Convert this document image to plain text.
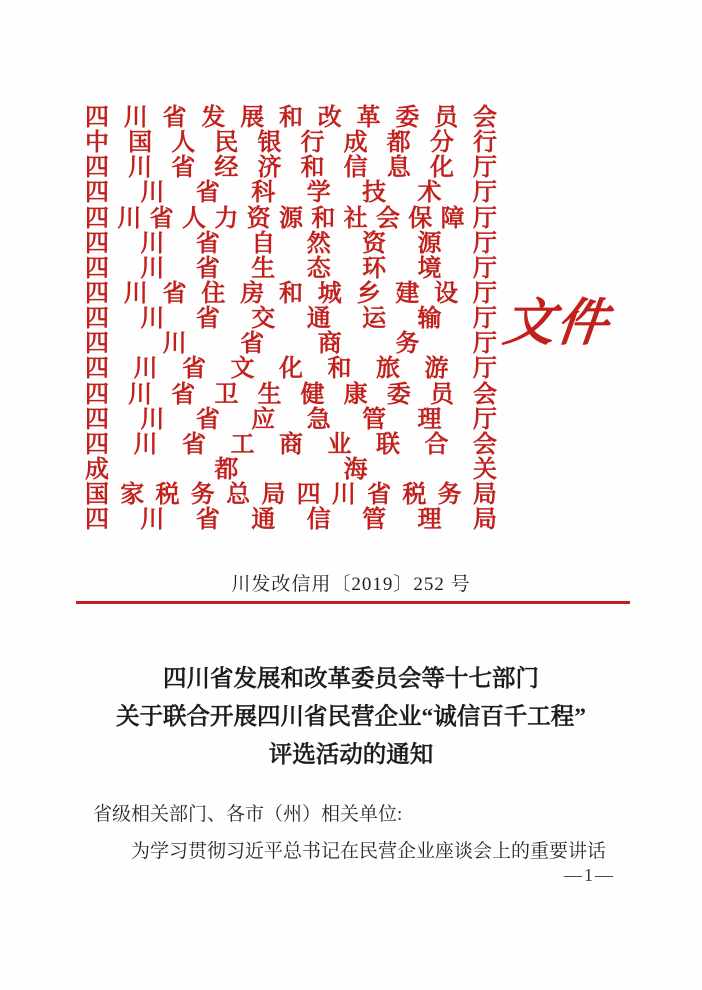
四 川 省 发 展 和 改 革 委 员 会
中 国 人 民 银 行 成 都 分 行
四 川 省 经 济 和 信 息 化 厅
四 川 省 科 学 技 术 厅
四 川 省 人 力 资 源 和 社 会 保 障 厅
四 川 省 自 然 资 源 厅
四 川 省 生 态 环 境 厅
四 川 省 住 房 和 城 乡 建 设 厅
四 川 省 交 通 运 输 厅
四 川 省 商 务 厅
四 川 省 文 化 和 旅 游 厅
四 川 省 卫 生 健 康 委 员 会
四 川 省 应 急 管 理 厅
四 川 省 工 商 业 联 合 会
成	都	海	关
国 家 税 务 总 局 四 川 省 税 务 局
四 川 省 通 信 管 理 局
文件
川发改信用〔2019〕252 号
四川省发展和改革委员会等十七部门
关于联合开展四川省民营企业“诚信百千工程”
评选活动的通知
省级相关部门、各市（州）相关单位:
为学习贯彻习近平总书记在民营企业座谈会上的重要讲话
—1—
